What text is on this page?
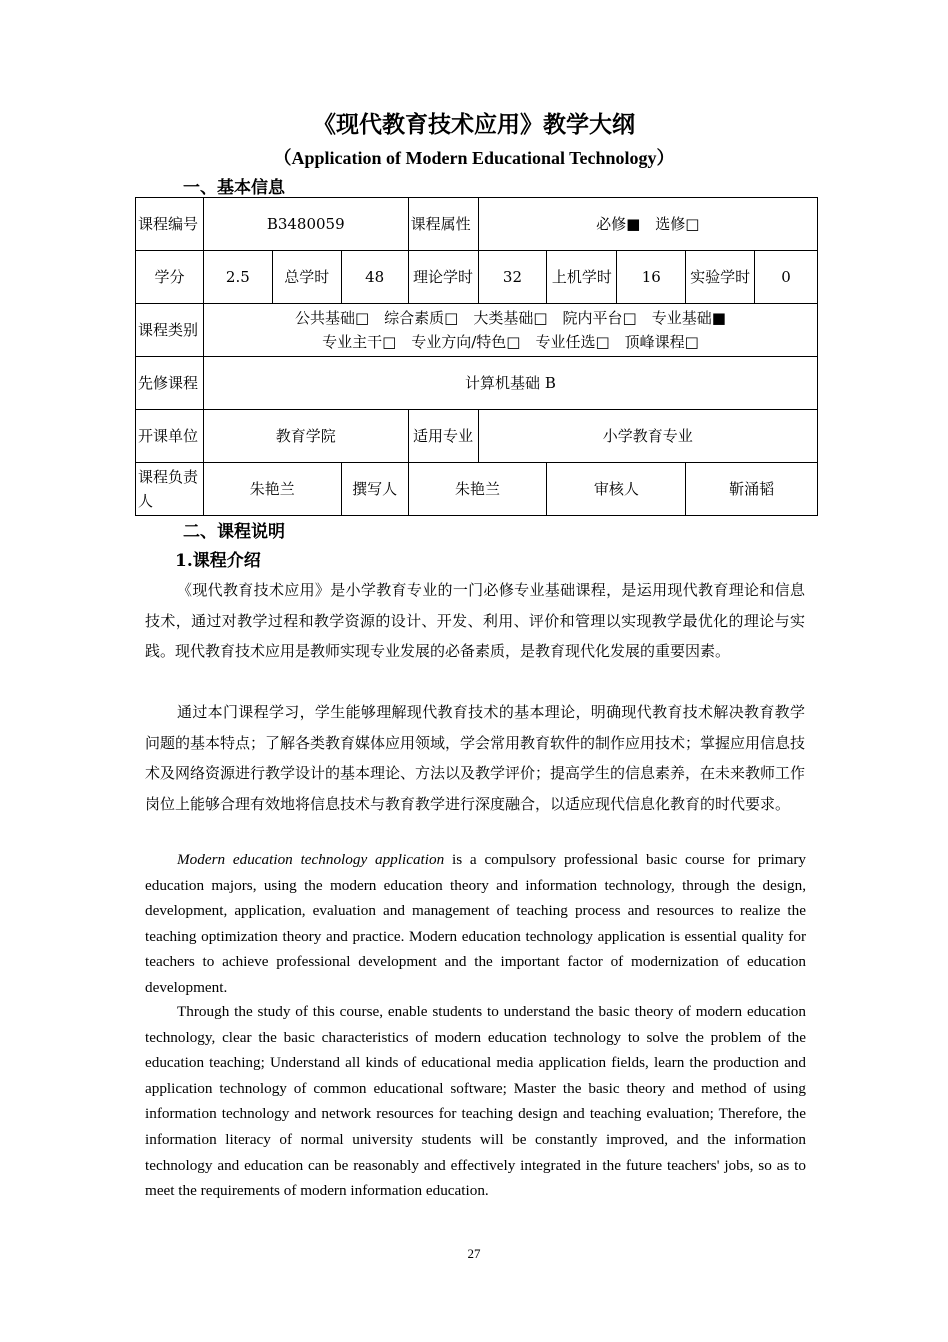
《现代教育技术应用》教学大纲
（Application of Modern Educational Technology）
一、基本信息
课程编号	B3480059			课程属性	必修■　选修□				
学分	2.5	总学时	48	理论学时	32	上机学时	16	实验学时	0
课程类别	公共基础□　综合素质□　大类基础□　院内平台□　专业基础■
专业主干□　专业方向/特色□　专业任选□　顶峰课程□								

先修课程	计算机基础 B								
开课单位	教育学院			适用专业	小学教育专业				
课程负责人	朱艳兰		撰写人	朱艳兰		审核人		靳涌韬	
二、课程说明
1.课程介绍
《现代教育技术应用》是小学教育专业的一门必修专业基础课程，是运用现代教育理论和信息技术，通过对教学过程和教学资源的设计、开发、利用、评价和管理以实现教学最优化的理论与实践。现代教育技术应用是教师实现专业发展的必备素质，是教育现代化发展的重要因素。
通过本门课程学习，学生能够理解现代教育技术的基本理论，明确现代教育技术解决教育教学问题的基本特点；了解各类教育媒体应用领域，学会常用教育软件的制作应用技术；掌握应用信息技术及网络资源进行教学设计的基本理论、方法以及教学评价；提高学生的信息素养，在未来教师工作岗位上能够合理有效地将信息技术与教育教学进行深度融合，以适应现代信息化教育的时代要求。
Modern education technology application is a compulsory professional basic course for primary education majors, using the modern education theory and information technology, through the design, development, application, evaluation and management of teaching process and resources to realize the teaching optimization theory and practice. Modern education technology application is essential quality for teachers to achieve professional development and the important factor of modernization of education development.
Through the study of this course, enable students to understand the basic theory of modern education technology, clear the basic characteristics of modern education technology to solve the problem of the education teaching; Understand all kinds of educational media application fields, learn the production and application technology of common educational software; Master the basic theory and method of using information technology and network resources for teaching design and teaching evaluation; Therefore, the information literacy of normal university students will be constantly improved, and the information technology and education can be reasonably and effectively integrated in the future teachers' jobs, so as to meet the requirements of modern information education.
27
